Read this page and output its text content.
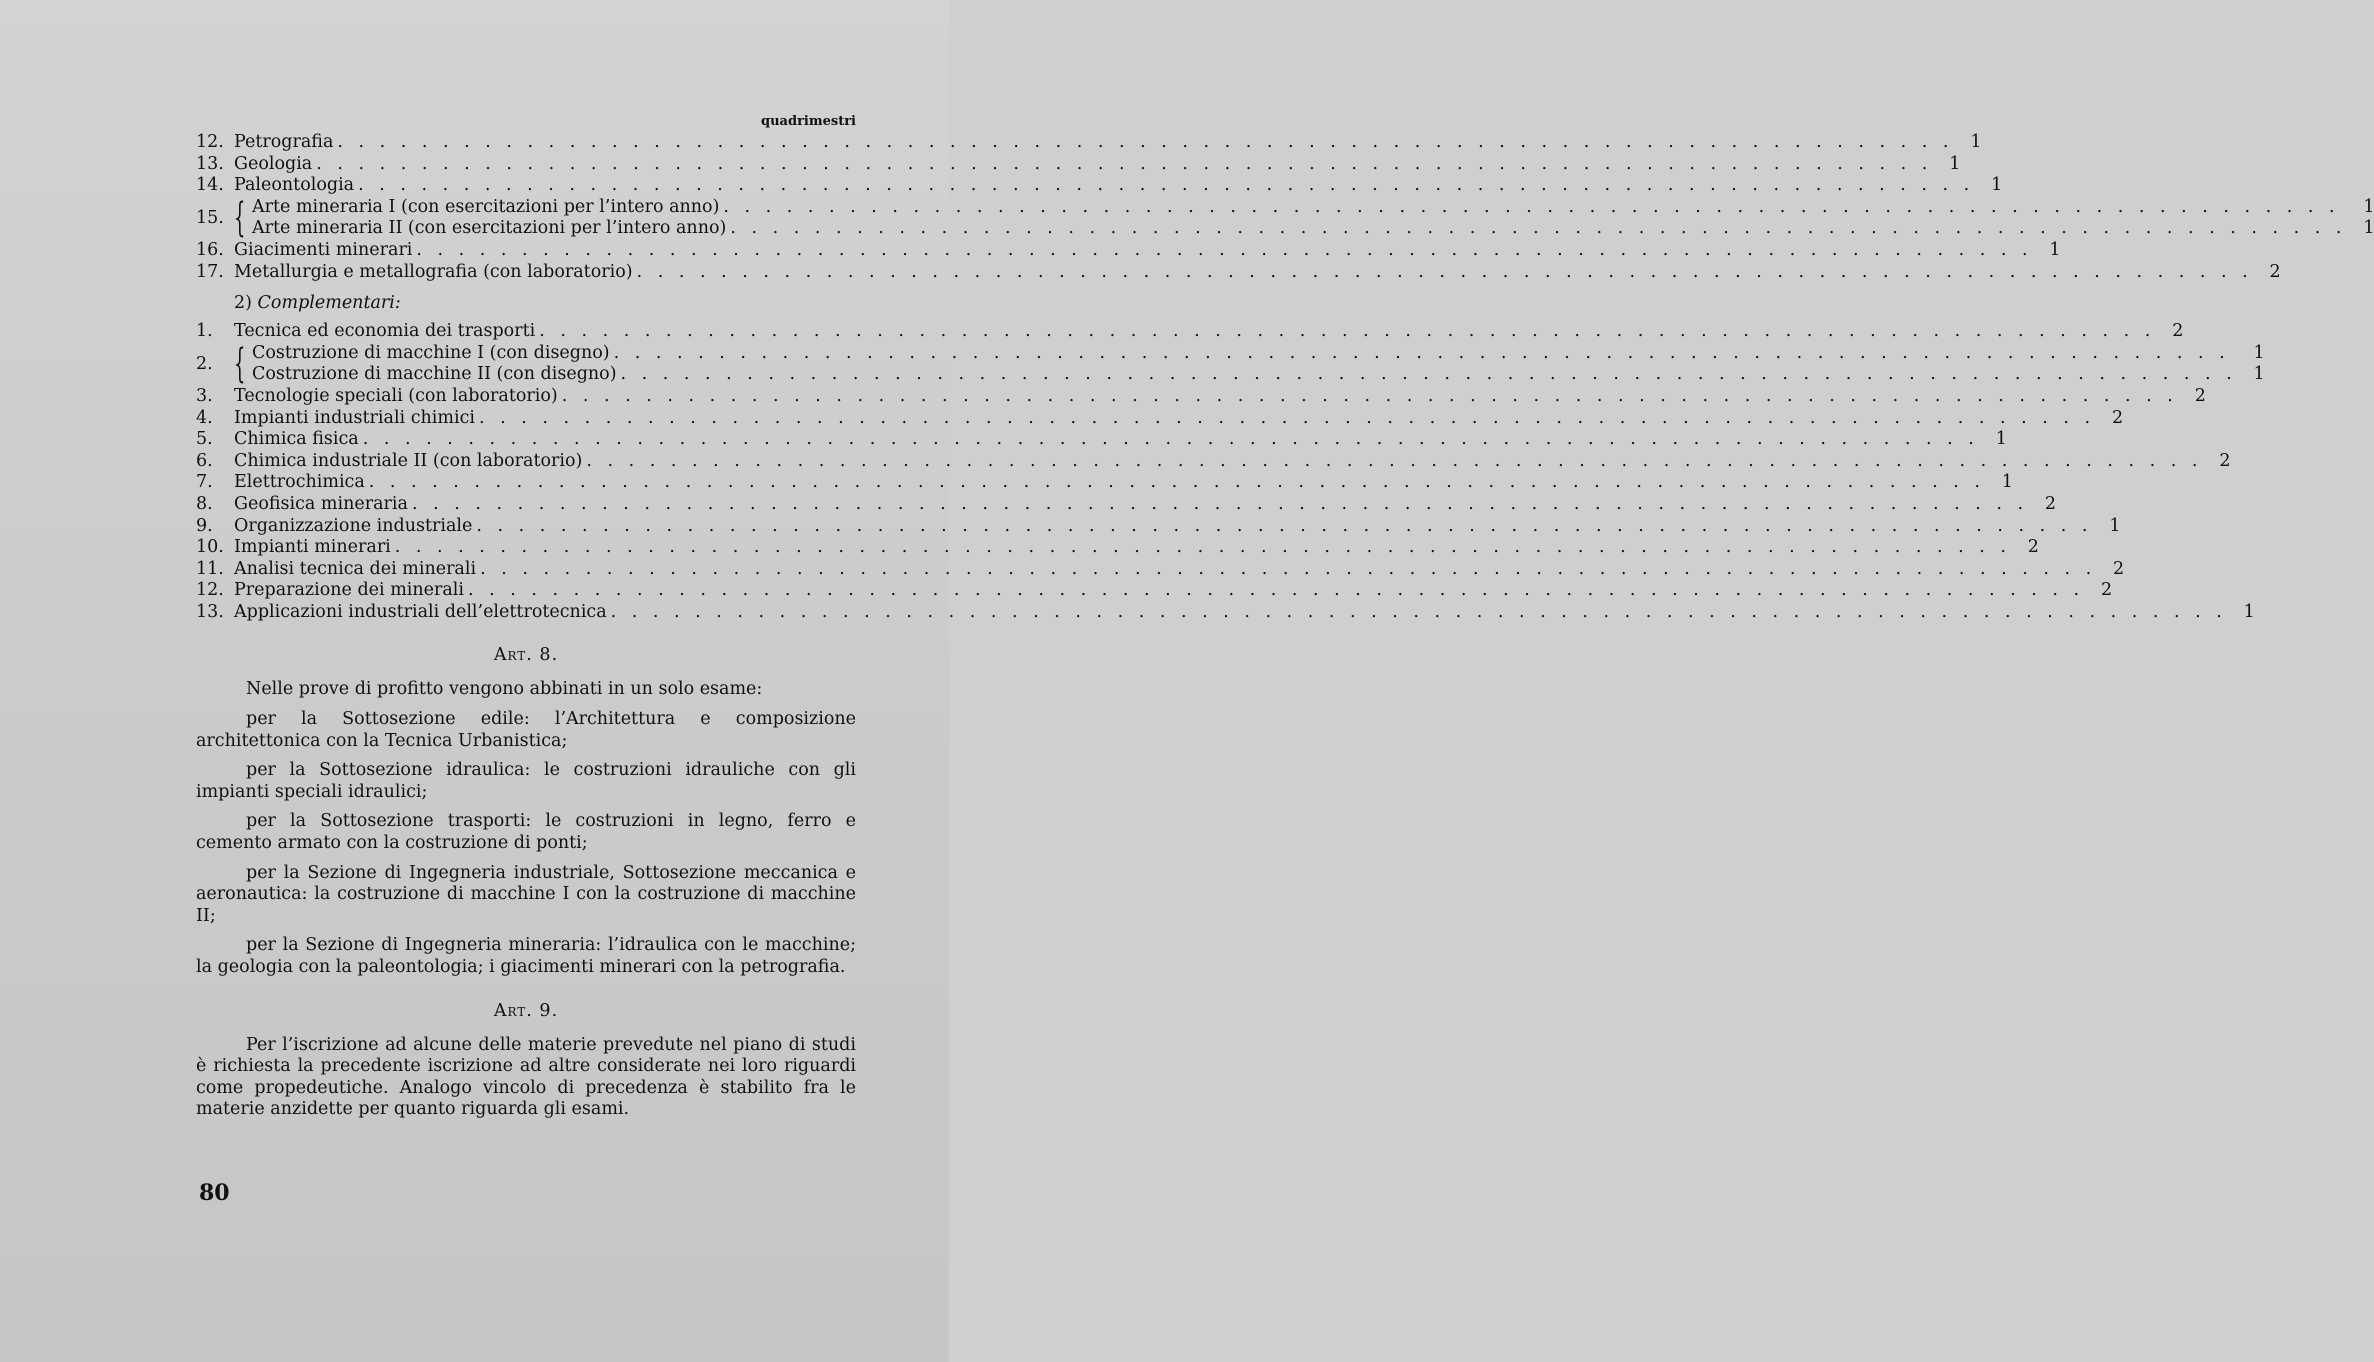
quadrimestri
12. Petrografia . . .	1
13. Geologia . . .	1
14. Paleontologia . . .	1
15. { Arte mineraria I (con esercitazioni per l’intero anno) . . .	1
Arte mineraria II (con esercitazioni per l’intero anno) . . .	1
16. Giacimenti minerari . . .	1
17. Metallurgia e metallografia (con laboratorio) . . .	2
2) Complementari:
1.	Tecnica ed economia dei trasporti . . .	2
2. { Costruzione di macchine I (con disegno) . . .	1
Costruzione di macchine II (con disegno) . . .	1
3.	Tecnologie speciali (con laboratorio) . . .	2
4.	Impianti industriali chimici . . .	2
5.	Chimica fisica . . .	1
6.	Chimica industriale II (con laboratorio) . . .	2
7.	Elettrochimica . . .	1
8.	Geofisica mineraria . . .	2
9.	Organizzazione industriale . . .	1
10. Impianti minerari . . .	2
11. Analisi tecnica dei minerali . . .	2
12. Preparazione dei minerali . . .	2
13. Applicazioni industriali dell’elettrotecnica . . .	1
Art. 8.

Nelle prove di profitto vengono abbinati in un solo esame:

per la Sottosezione edile: l’Architettura e composizione architettonica con la Tecnica Urbanistica;

per la Sottosezione idraulica: le costruzioni idrauliche con gli impianti speciali idraulici;

per la Sottosezione trasporti: le costruzioni in legno, ferro e cemento armato con la costruzione di ponti;

per la Sezione di Ingegneria industriale, Sottosezione meccanica e aeronautica: la costruzione di macchine I con la costruzione di macchine II;

per la Sezione di Ingegneria mineraria: l’idraulica con le macchine; la geologia con la paleontologia; i giacimenti minerari con la petrografia.

Art. 9.

Per l’iscrizione ad alcune delle materie prevedute nel piano di studi è richiesta la precedente iscrizione ad altre considerate nei loro riguardi come propedeutiche. Analogo vincolo di precedenza è stabilito fra le materie anzidette per quanto riguarda gli esami.

80
